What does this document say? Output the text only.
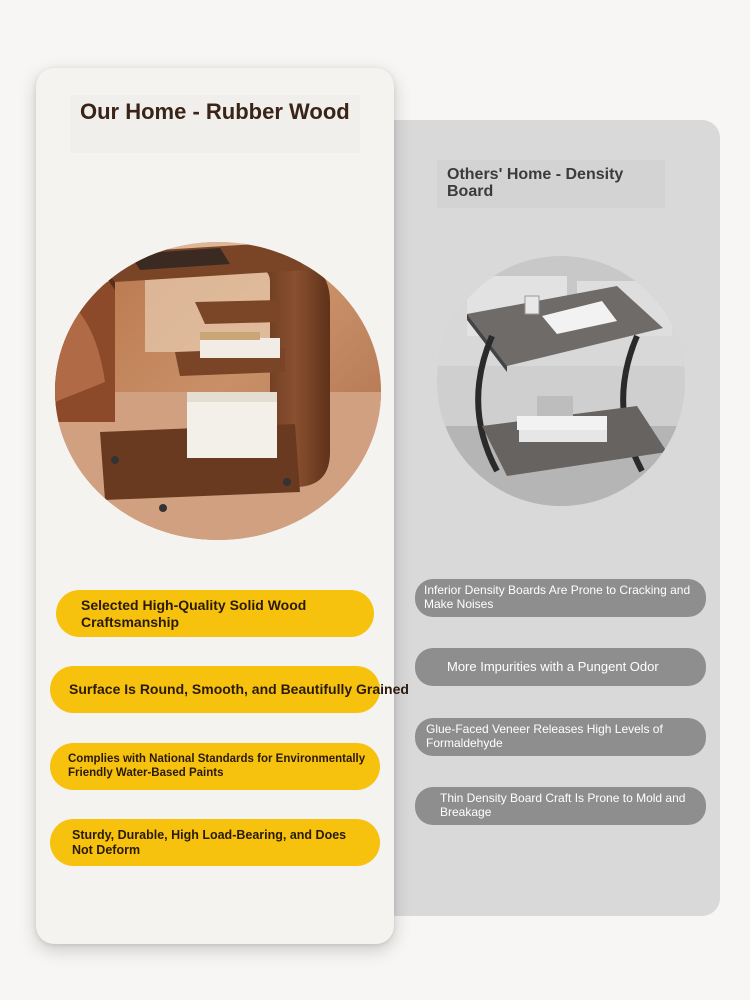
Our Home - Rubber Wood
Others' Home - Density Board
Selected High-Quality Solid Wood Craftsmanship
Surface Is Round, Smooth, and Beautifully Grained
Complies with National Standards for Environmentally Friendly Water-Based Paints
Sturdy, Durable, High Load-Bearing, and Does Not Deform
Inferior Density Boards Are Prone to Cracking and Make Noises
More Impurities with a Pungent Odor
Glue-Faced Veneer Releases High Levels of Formaldehyde
Thin Density Board Craft Is Prone to Mold and Breakage
